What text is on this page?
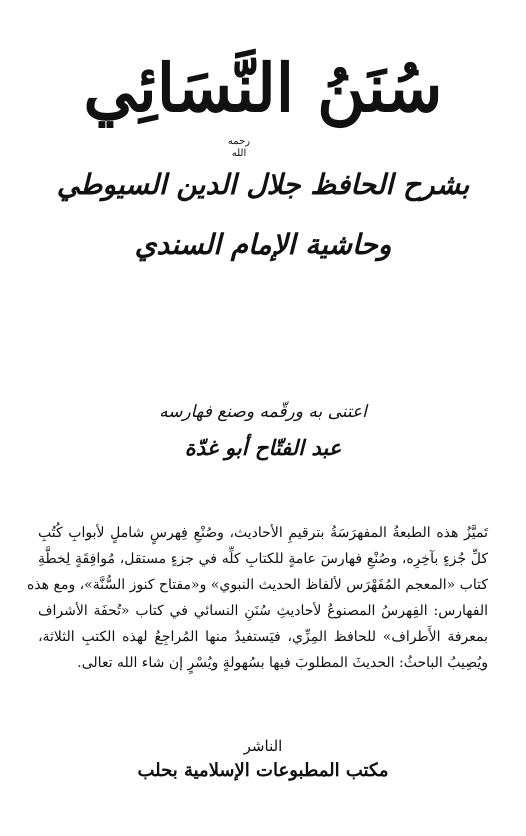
سُنَنُ النَّسَائِي
رحمه الله
بشرح الحافظ جلال الدين السيوطي
وحاشية الإمام السندي
اعتنى به ورقّمه وصنع فهارسه
عبد الفتّاح أبو غدّة
تَميَّزُ هذه الطبعةُ المفهرَسَةُ بترقيمِ الأحاديث، وصُنْعِ فِهرسٍ شاملٍ لأبوابِ كُتُبِ
كلِّ جُزءٍ بآخِرِه، وصُنْعِ فهارسَ عامةٍ للكتابِ كلِّه في جزءٍ مستقل، مُوافِقَةٍ لِخطَّةِ
كتاب «المعجم المُفَهْرَس لألفاظ الحديث النبوي» و«مفتاح كنوز السُّنَّة»، ومع هذه
الفهارس: الفِهرسُ المصنوعُ لأحاديثِ سُنَنِ النسائي في كتاب «تُحفَة الأشراف
بمعرفة الأَطراف» للحافظ المِزِّي، فيَستفيدُ منها المُراجِعُ لهذه الكتبِ الثلاثة،
ويُصِيبُ الباحثُ: الحديثَ المطلوبَ فيها بسُهولةٍ ويُسْرٍ إن شاء الله تعالى.
الناشر
مكتب المطبوعات الإسلامية بحلب
